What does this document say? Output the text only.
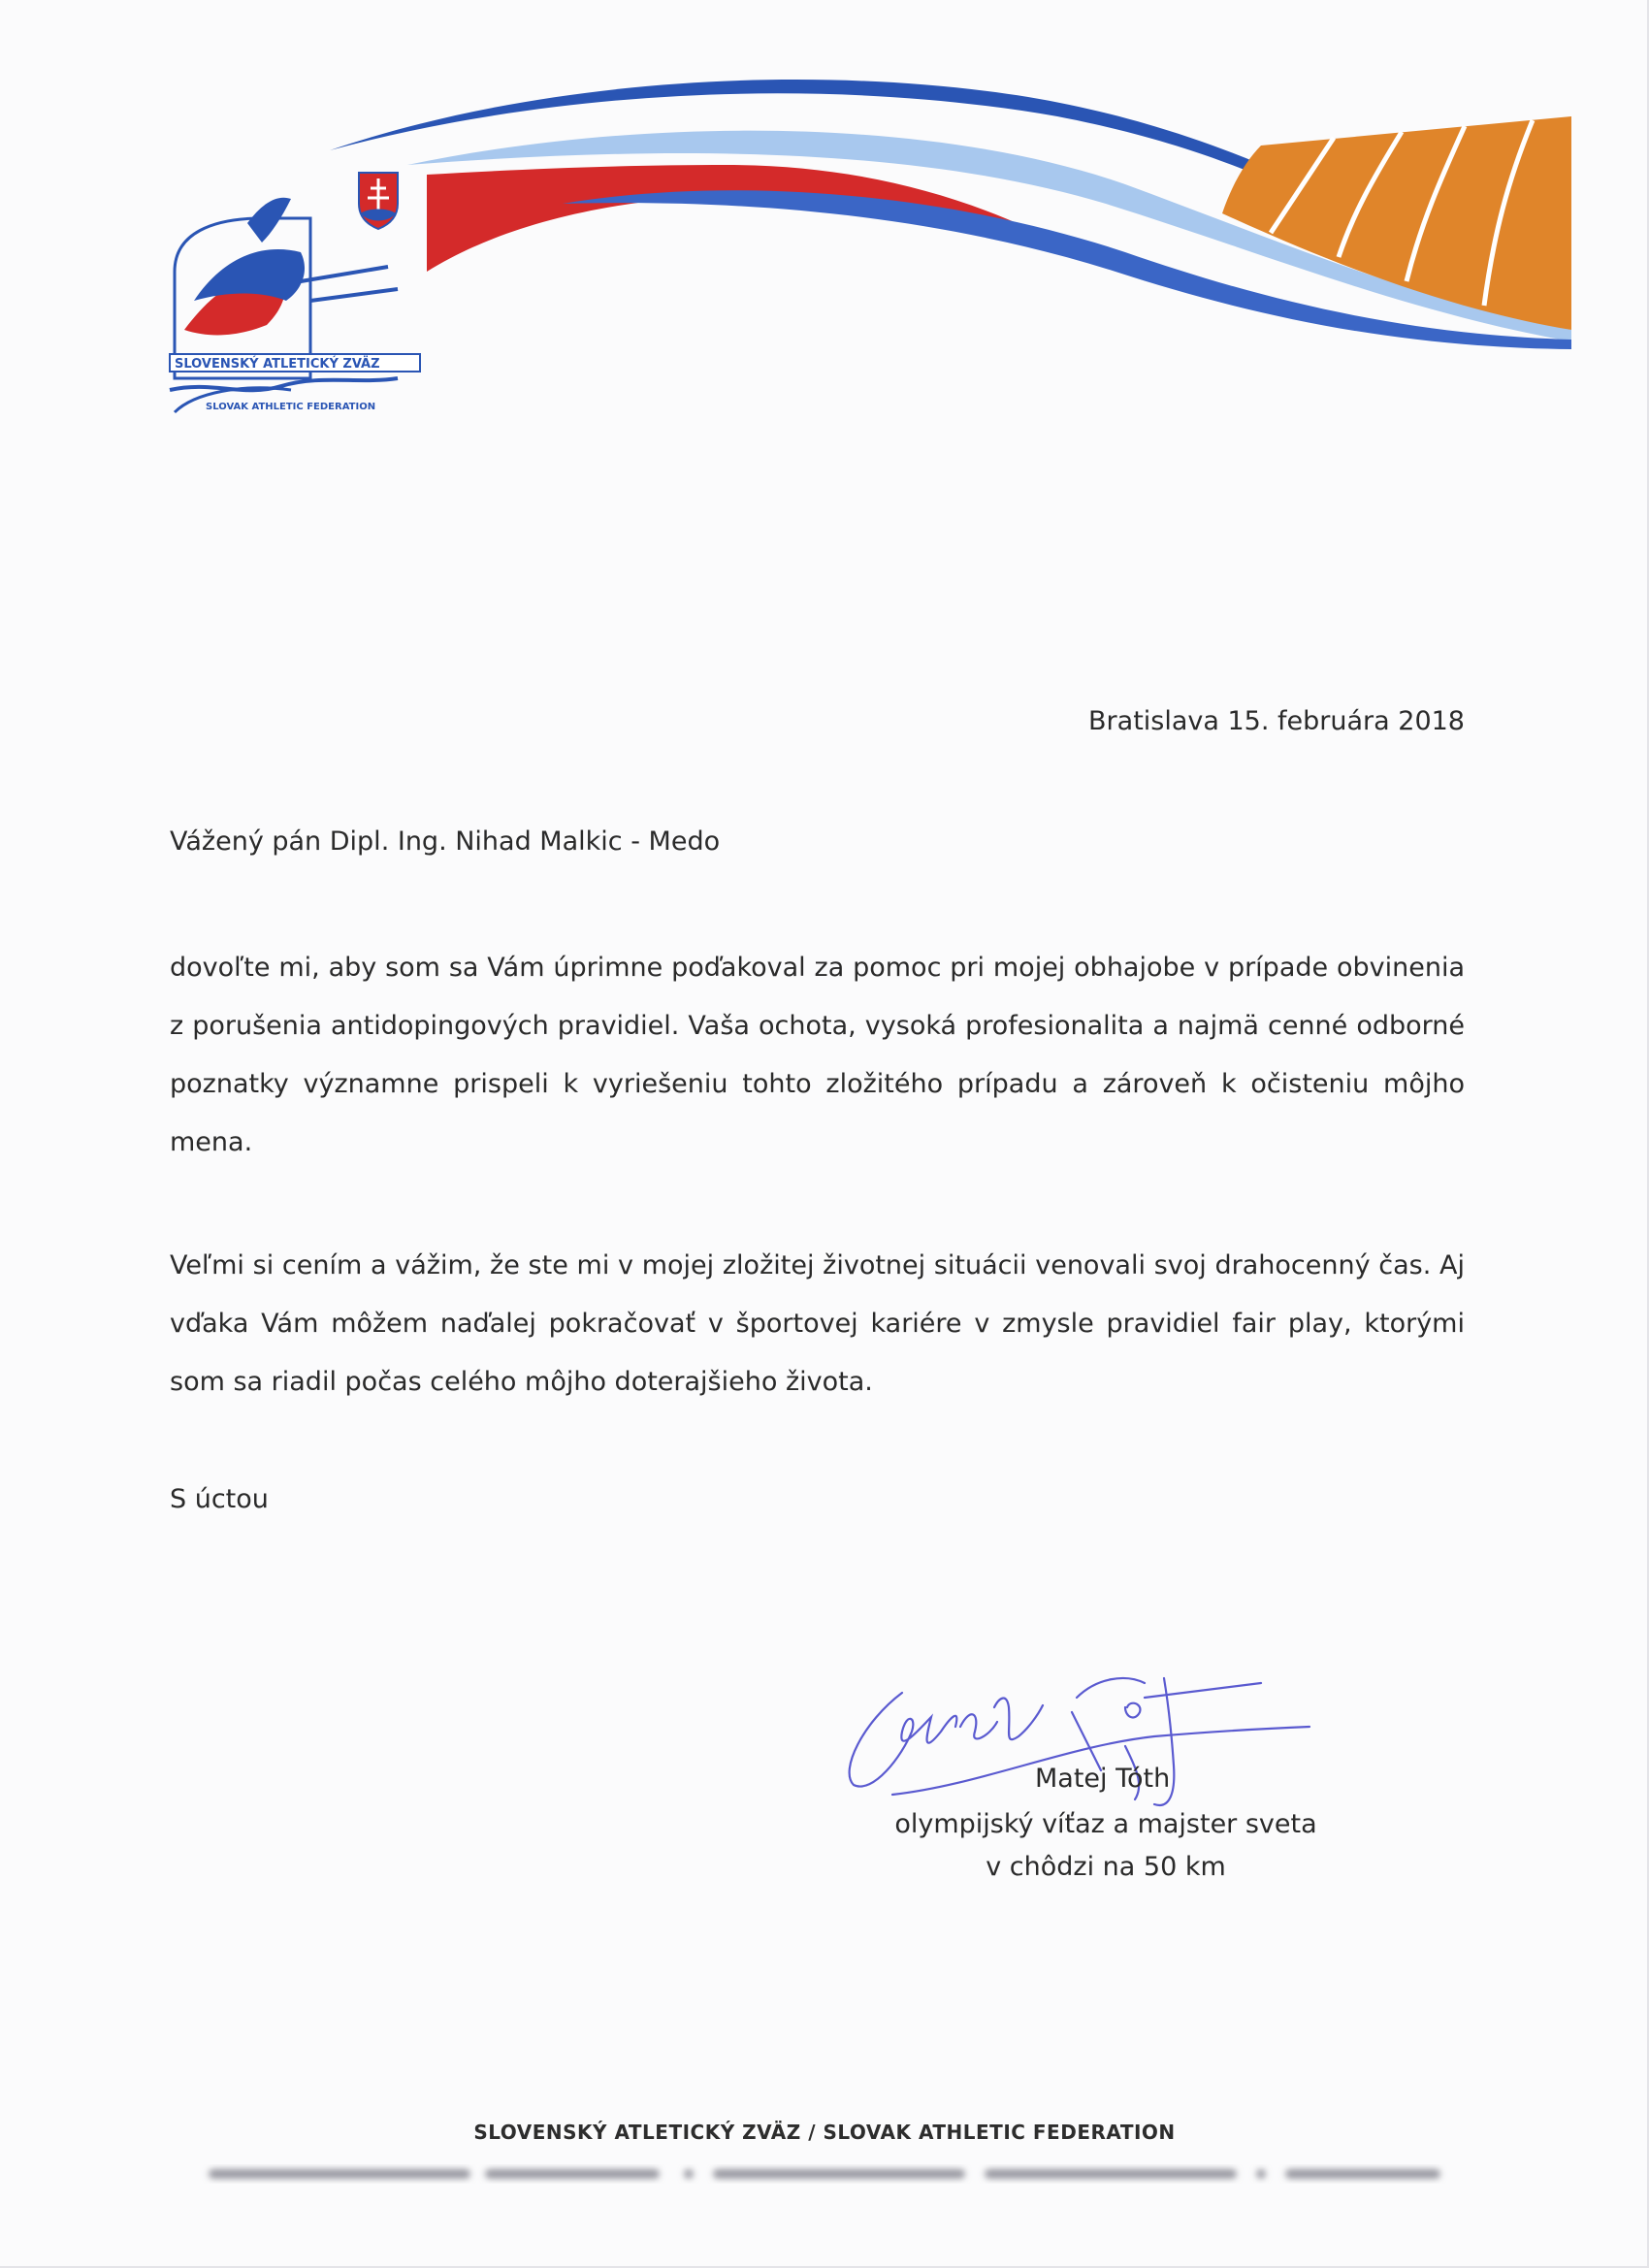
SLOVENSKÝ ATLETICKÝ ZVÄZ
SLOVAK ATHLETIC FEDERATION
Bratislava 15. februára 2018
Vážený pán Dipl. Ing. Nihad Malkic - Medo

dovoľte mi, aby som sa Vám úprimne poďakoval za pomoc pri mojej obhajobe v prípade obvinenia z porušenia antidopingových pravidiel. Vaša ochota, vysoká profesionalita a najmä cenné odborné poznatky významne prispeli k vyriešeniu tohto zložitého prípadu a zároveň k očisteniu môjho mena.

Veľmi si cením a vážim, že ste mi v mojej zložitej životnej situácii venovali svoj drahocenný čas. Aj vďaka Vám môžem naďalej pokračovať v športovej kariére v zmysle pravidiel fair play, ktorými som sa riadil počas celého môjho doterajšieho života.

S úctou
olympijský víťaz a majster sveta
v chôdzi na 50 km
Matej Tóth
SLOVENSKÝ ATLETICKÝ ZVÄZ / SLOVAK ATHLETIC FEDERATION
